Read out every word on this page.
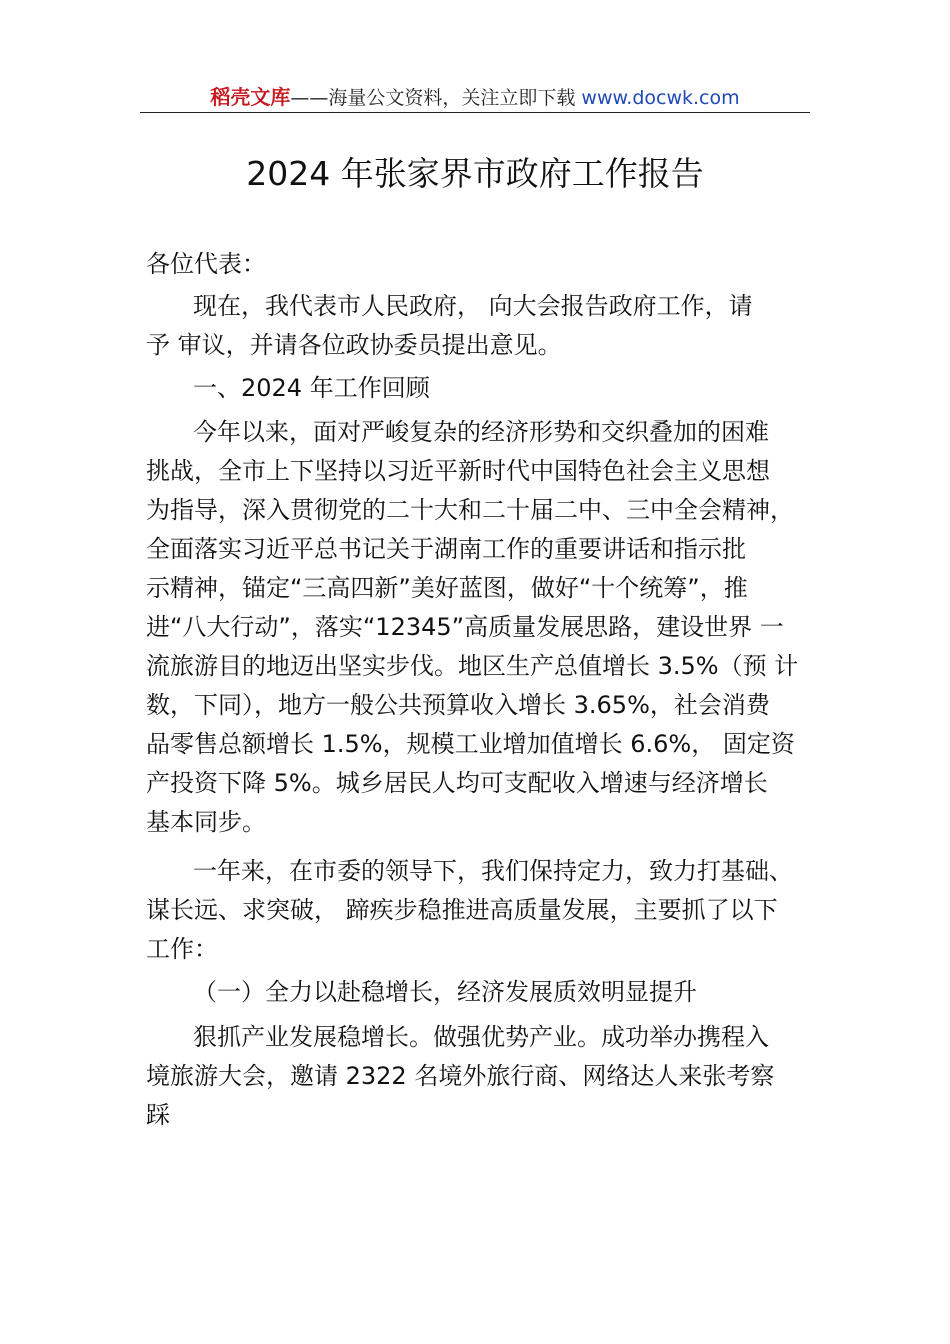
稻壳文库——海量公文资料，关注立即下载 www.docwk.com
2024 年张家界市政府工作报告
各位代表：
现在，我代表市人民政府， 向大会报告政府工作，请
予 审议，并请各位政协委员提出意见。
一、2024 年工作回顾
今年以来，面对严峻复杂的经济形势和交织叠加的困难
挑战，全市上下坚持以习近平新时代中国特色社会主义思想
为指导，深入贯彻党的二十大和二十届二中、三中全会精神，
全面落实习近平总书记关于湖南工作的重要讲话和指示批
示精神，锚定“三高四新”美好蓝图，做好“十个统筹”，推
进“八大行动”，落实“12345”高质量发展思路，建设世界 一
流旅游目的地迈出坚实步伐。地区生产总值增长 3.5%（预 计
数，下同），地方一般公共预算收入增长 3.65%，社会消费
品零售总额增长 1.5%，规模工业增加值增长 6.6%， 固定资
产投资下降 5%。城乡居民人均可支配收入增速与经济增长
基本同步。
一年来，在市委的领导下，我们保持定力，致力打基础、
谋长远、求突破， 蹄疾步稳推进高质量发展，主要抓了以下
工作：
（一）全力以赴稳增长，经济发展质效明显提升
狠抓产业发展稳增长。做强优势产业。成功举办携程入
境旅游大会，邀请 2322 名境外旅行商、网络达人来张考察
踩
